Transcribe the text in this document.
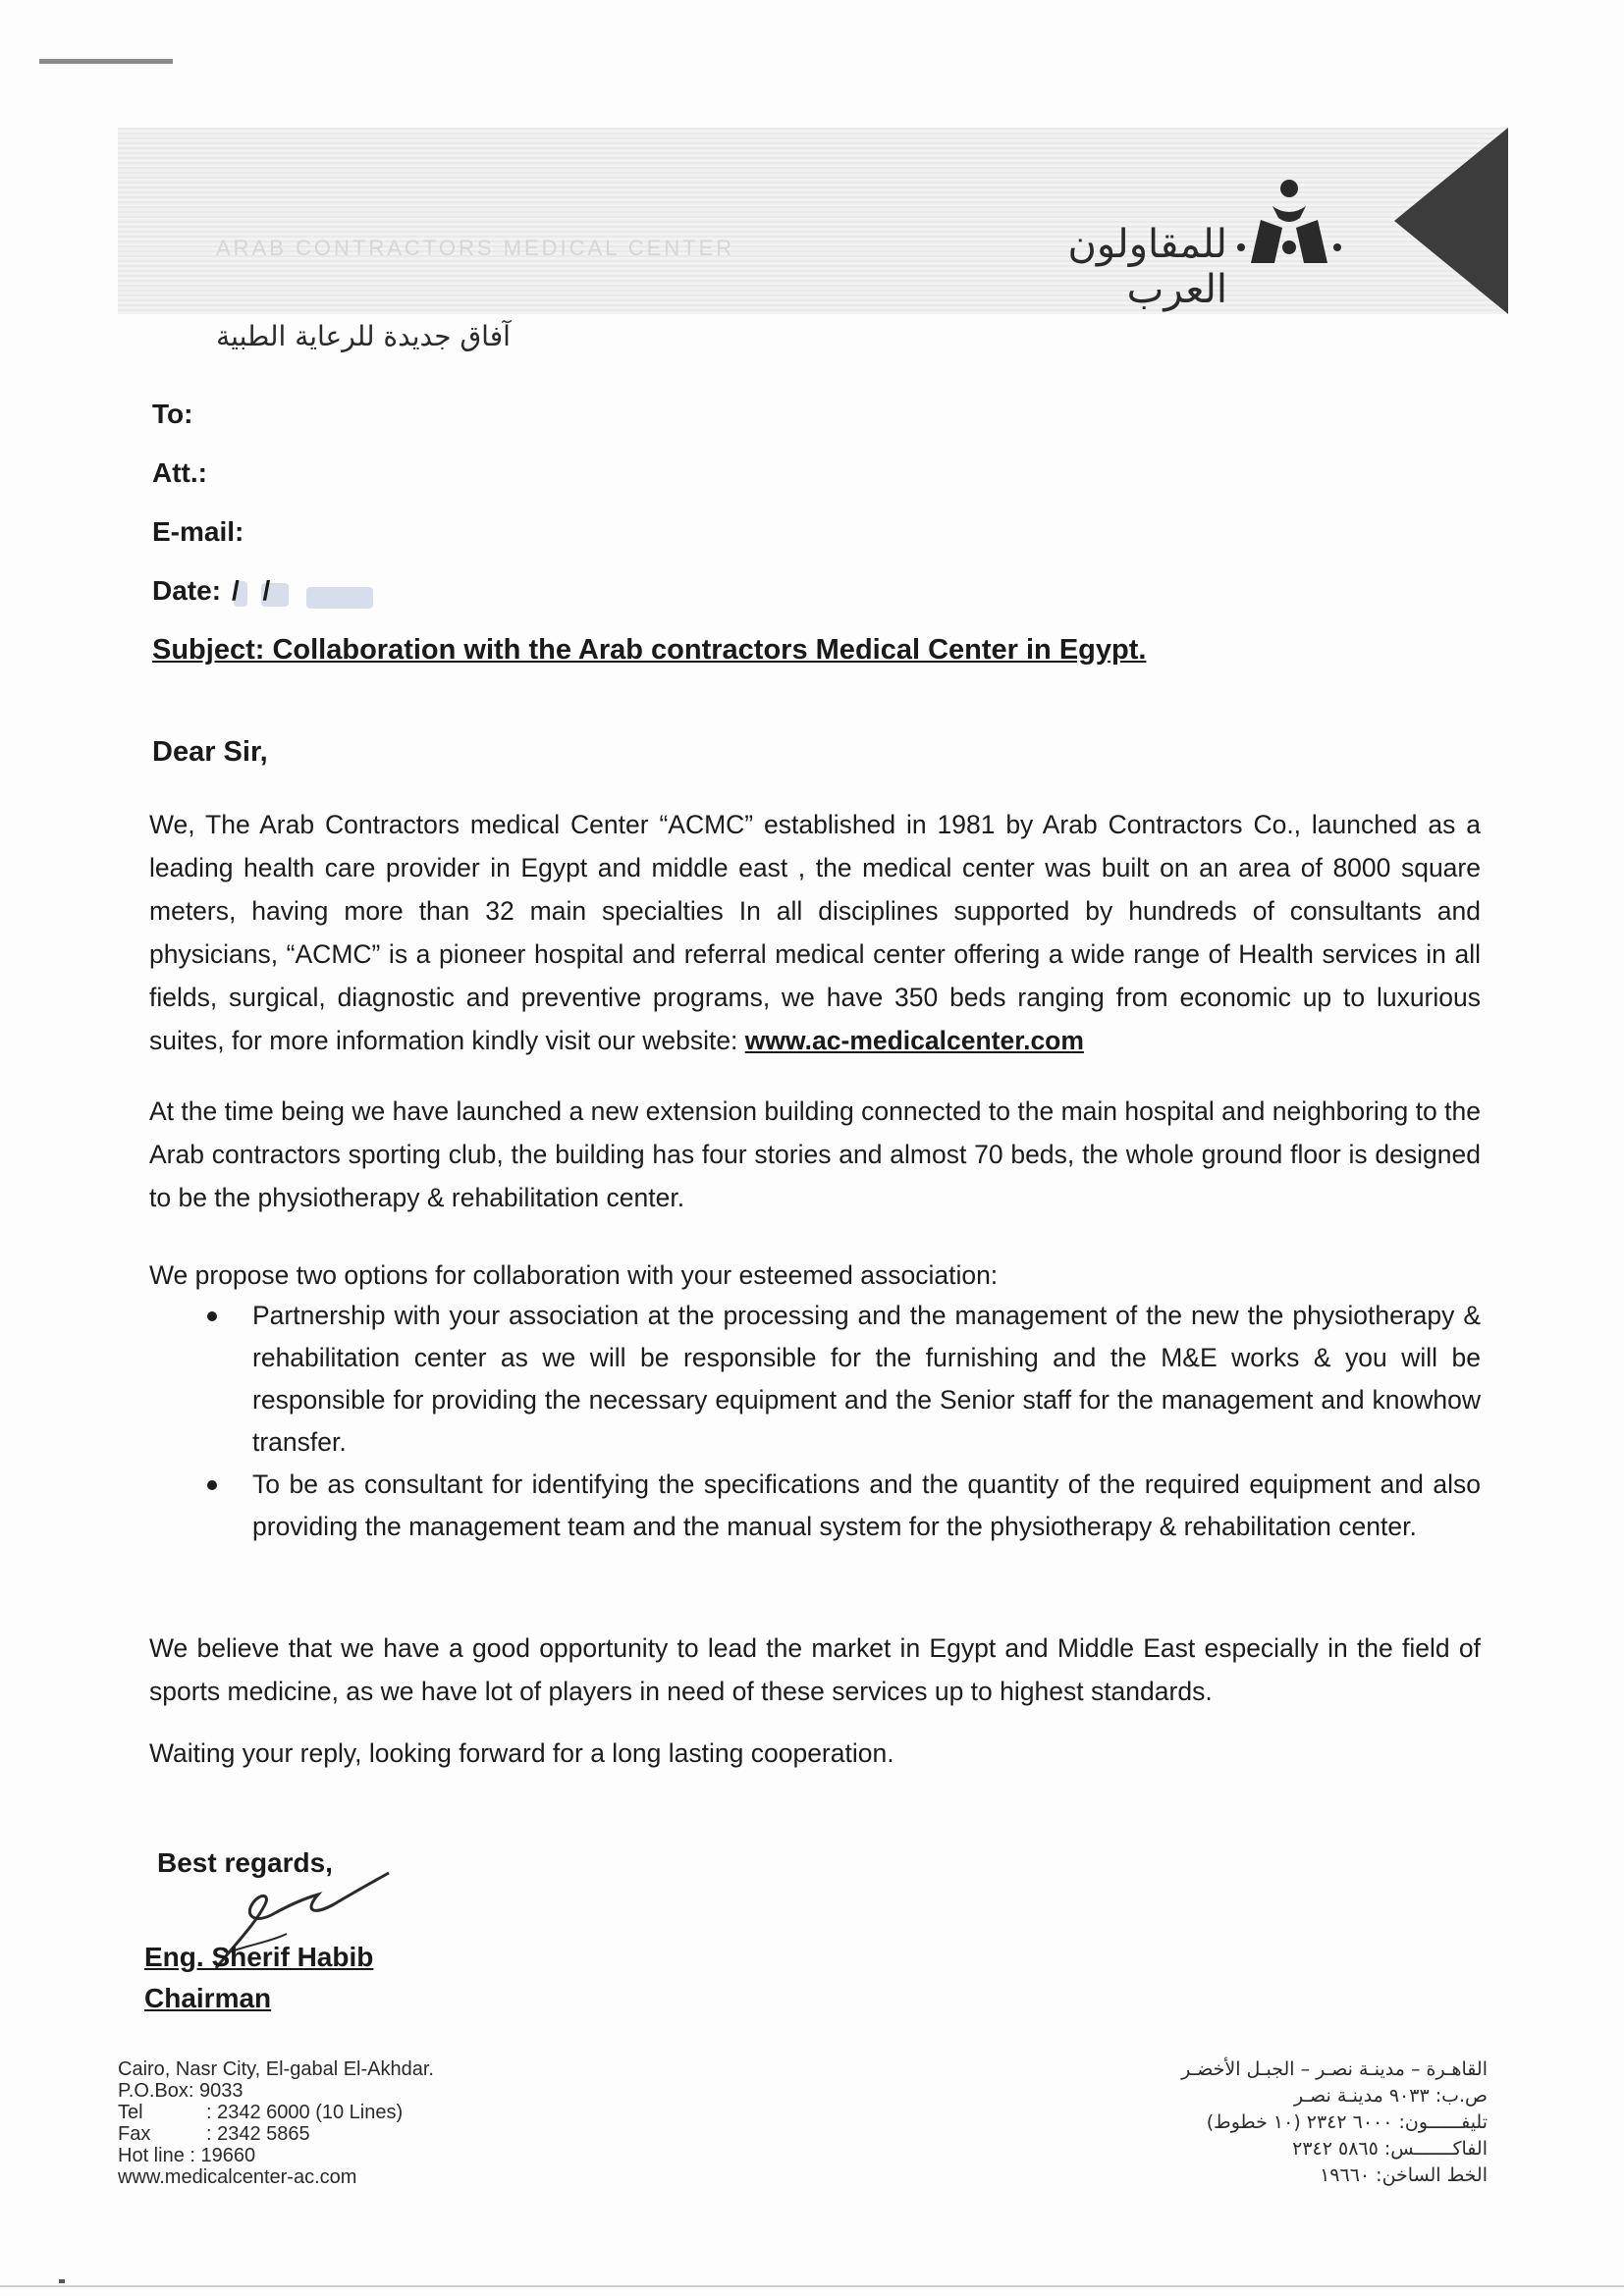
ARAB CONTRACTORS MEDICAL CENTER	للمقاولون العرب
آفاق جديدة للرعاية الطبية
To:
Att.:
E-mail:
Date: / /
Subject: Collaboration with the Arab contractors Medical Center in Egypt.
Dear Sir,
We, The Arab Contractors medical Center “ACMC” established in 1981 by Arab Contractors Co., launched as a leading health care provider in Egypt and middle east , the medical center was built on an area of 8000 square meters, having more than 32 main specialties In all disciplines supported by hundreds of consultants and physicians, “ACMC” is a pioneer hospital and referral medical center offering a wide range of Health services in all fields, surgical, diagnostic and preventive programs, we have 350 beds ranging from economic up to luxurious suites, for more information kindly visit our website: www.ac-medicalcenter.com
At the time being we have launched a new extension building connected to the main hospital and neighboring to the Arab contractors sporting club, the building has four stories and almost 70 beds, the whole ground floor is designed to be the physiotherapy & rehabilitation center.
We propose two options for collaboration with your esteemed association:
Partnership with your association at the processing and the management of the new the physiotherapy & rehabilitation center as we will be responsible for the furnishing and the M&E works & you will be responsible for providing the necessary equipment and the Senior staff for the management and knowhow transfer.
To be as consultant for identifying the specifications and the quantity of the required equipment and also providing the management team and the manual system for the physiotherapy & rehabilitation center.
We believe that we have a good opportunity to lead the market in Egypt and Middle East especially in the field of sports medicine, as we have lot of players in need of these services up to highest standards.
Waiting your reply, looking forward for a long lasting cooperation.
Best regards,
Eng. Sherif Habib
Chairman
Cairo, Nasr City, El-gabal El-Akhdar.
P.O.Box: 9033
Tel	: 2342 6000 (10 Lines)
Fax	: 2342 5865
Hot line : 19660
www.medicalcenter-ac.com
القاهـرة – مدينـة نصـر – الجبـل الأخضـر
ص.ب: ٩٠٣٣ مدينـة نصـر
تليفــــــون: ٦٠٠٠ ٢٣٤٢ (١٠ خطوط)
الفاكـــــــس: ٥٨٦٥ ٢٣٤٢
الخط الساخن: ١٩٦٦٠
